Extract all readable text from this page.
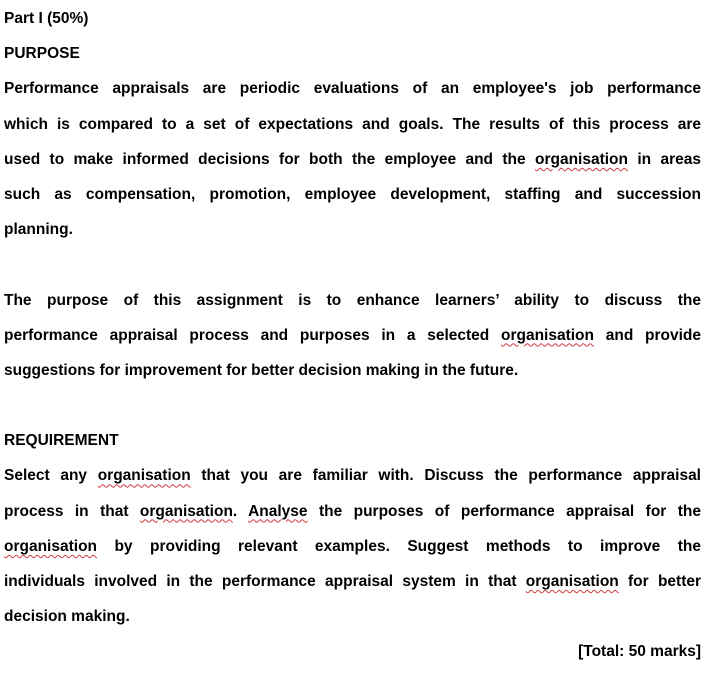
Part I (50%)
PURPOSE
Performance appraisals are periodic evaluations of an employee's job performance
which is compared to a set of expectations and goals. The results of this process are
used to make informed decisions for both the employee and the organisation in areas
such as compensation, promotion, employee development, staffing and succession
planning.
The purpose of this assignment is to enhance learners’ ability to discuss the
performance appraisal process and purposes in a selected organisation and provide
suggestions for improvement for better decision making in the future.
REQUIREMENT
Select any organisation that you are familiar with. Discuss the performance appraisal
process in that organisation. Analyse the purposes of performance appraisal for the
organisation by providing relevant examples. Suggest methods to improve the
individuals involved in the performance appraisal system in that organisation for better
decision making.
[Total: 50 marks]
